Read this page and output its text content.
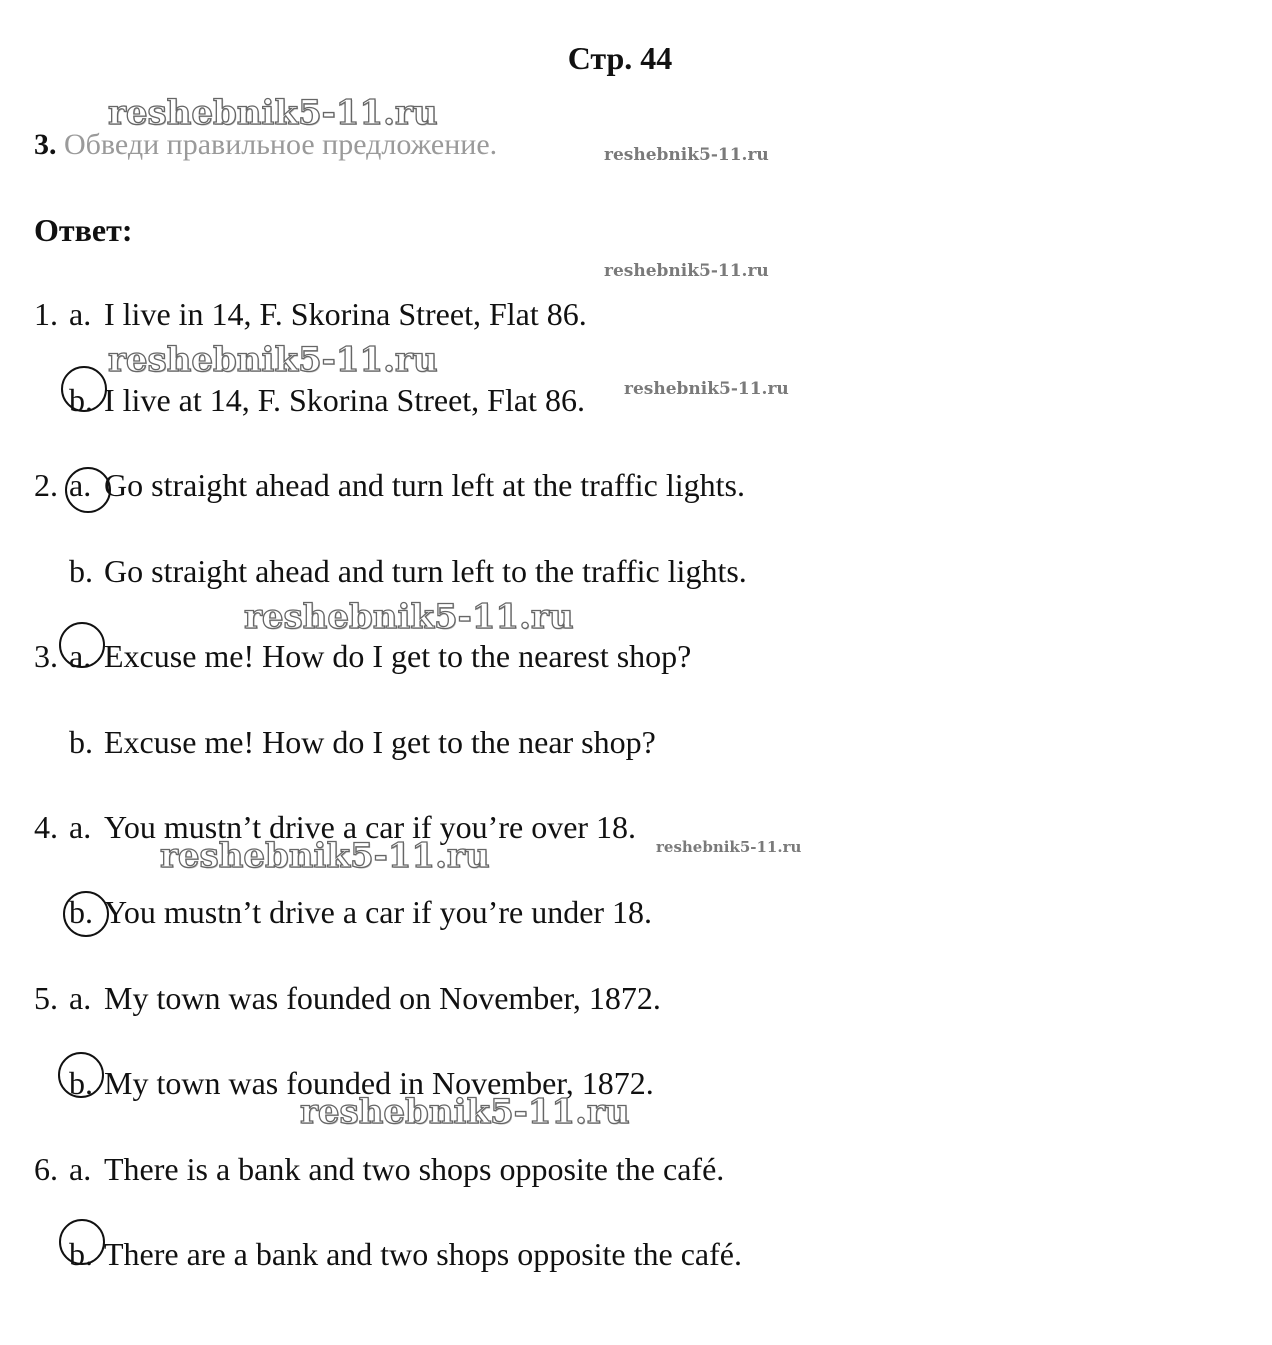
Стр. 44
3. Обведи правильное предложение.
Ответ:
1. a. I live in 14, F. Skorina Street, Flat 86.
b. I live at 14, F. Skorina Street, Flat 86.
2. a. Go straight ahead and turn left at the traffic lights.
b. Go straight ahead and turn left to the traffic lights.
3. a. Excuse me! How do I get to the nearest shop?
b. Excuse me! How do I get to the near shop?
4. a. You mustn’t drive a car if you’re over 18.
b. You mustn’t drive a car if you’re under 18.
5. a. My town was founded on November, 1872.
b. My town was founded in November, 1872.
6. a. There is a bank and two shops opposite the café.
b. There are a bank and two shops opposite the café.
reshebnik5-11.ru
reshebnik5-11.ru
reshebnik5-11.ru
reshebnik5-11.ru
reshebnik5-11.ru
reshebnik5-11.ru
reshebnik5-11.ru
reshebnik5-11.ru
reshebnik5-11.ru
